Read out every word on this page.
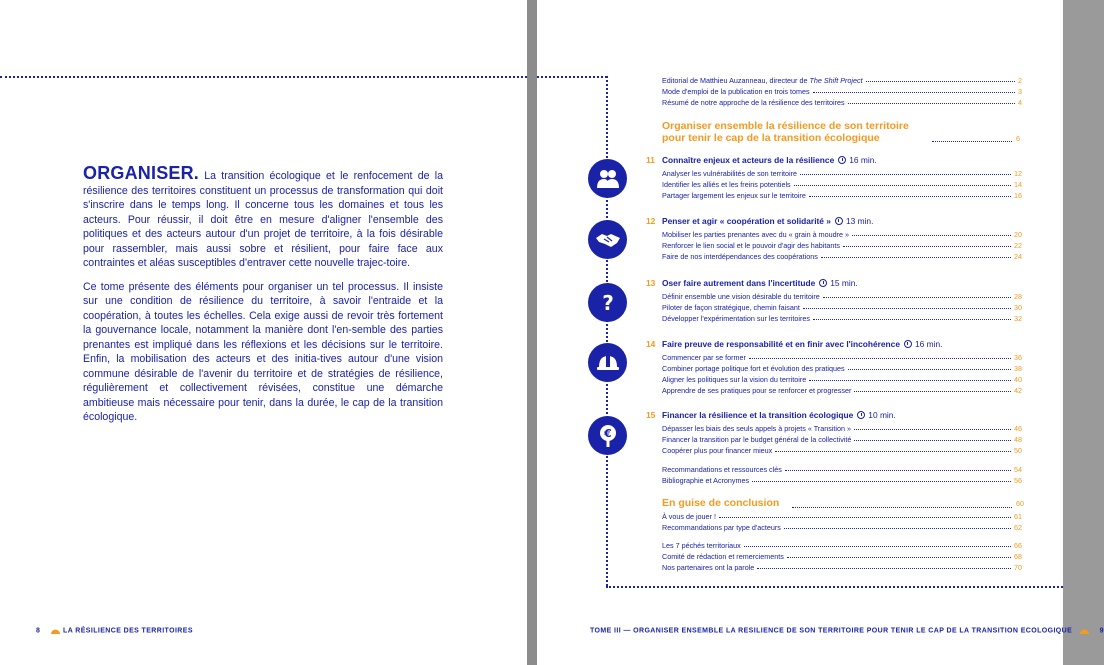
ORGANISER. La transition écologique et le renfocement de la résilience des territoires constituent un processus de transformation qui doit s'inscrire dans le temps long. Il concerne tous les domaines et tous les acteurs. Pour réussir, il doit être en mesure d'aligner l'ensemble des politiques et des acteurs autour d'un projet de territoire, à la fois désirable pour rassembler, mais aussi sobre et résilient, pour faire face aux contraintes et aléas susceptibles d'entraver cette nouvelle trajec-toire.

Ce tome présente des éléments pour organiser un tel processus. Il insiste sur une condition de résilience du territoire, à savoir l'entraide et la coopération, à toutes les échelles. Cela exige aussi de revoir très fortement la gouvernance locale, notamment la manière dont l'en-semble des parties prenantes est impliqué dans les réflexions et les décisions sur le territoire. Enfin, la mobilisation des acteurs et des initia-tives autour d'une vision commune désirable de l'avenir du territoire et de stratégies de résilience, régulièrement et collectivement révisées, constitue une démarche ambitieuse mais nécessaire pour tenir, dans la durée, le cap de la transition écologique.

8	LA RÉSILIENCE DES TERRITOIRES
Editorial de Matthieu Auzanneau, directeur de The Shift Project	2
Mode d'emploi de la publication en trois tomes	3
Résumé de notre approche de la résilience des territoires	4
Organiser ensemble la résilience de son territoire
pour tenir le cap de la transition écologique	6
11 Connaître enjeux et acteurs de la résilience 16 min.
Analyser les vulnérabilités de son territoire	12
Identifier les alliés et les freins potentiels	14
Partager largement les enjeux sur le territoire	16
12 Penser et agir « coopération et solidarité » 13 min.
Mobiliser les parties prenantes avec du « grain à moudre »	20
Renforcer le lien social et le pouvoir d'agir des habitants	22
Faire de nos interdépendances des coopérations	24
?
13 Oser faire autrement dans l'incertitude 15 min.
Définir ensemble une vision désirable du territoire	28
Piloter de façon stratégique, chemin faisant	30
Développer l'expérimentation sur les territoires	32
14 Faire preuve de responsabilité et en finir avec l'incohérence 16 min.
Commencer par se former	36
Combiner portage politique fort et évolution des pratiques	38
Aligner les politiques sur la vision du territoire	40
Apprendre de ses pratiques pour se renforcer et progresser	42
€
15 Financer la résilience et la transition écologique 10 min.
Dépasser les biais des seuls appels à projets « Transition »	46
Financer la transition par le budget général de la collectivité	48
Coopérer plus pour financer mieux	50
Recommandations et ressources clés	54
Bibliographie et Acronymes	56
En guise de conclusion	60
À vous de jouer !	61
Recommandations par type d'acteurs	62
Les 7 péchés territoriaux	66
Comité de rédaction et remerciements	68
Nos partenaires ont la parole	70
TOME III — ORGANISER ENSEMBLE LA RESILIENCE DE SON TERRITOIRE POUR TENIR LE CAP DE LA TRANSITION ECOLOGIQUE	9
